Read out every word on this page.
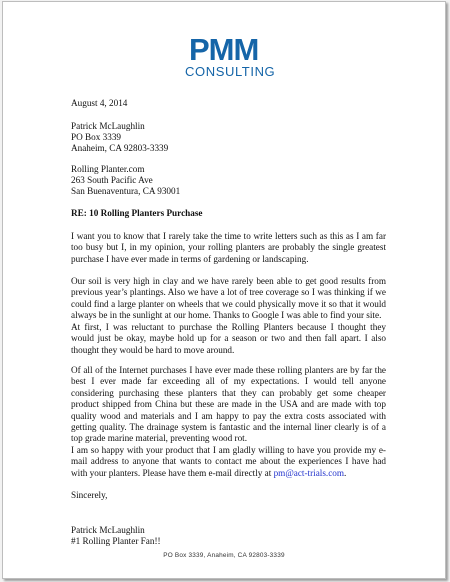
PMM
CONSULTING
August 4, 2014
Patrick McLaughlin
PO Box 3339
Anaheim, CA 92803-3339
Rolling Planter.com
263 South Pacific Ave
San Buenaventura, CA 93001
RE: 10 Rolling Planters Purchase
I want you to know that I rarely take the time to write letters such as this as I am far too busy but I, in my opinion, your rolling planters are probably the single greatest purchase I have ever made in terms of gardening or landscaping.
Our soil is very high in clay and we have rarely been able to get good results from previous year’s plantings. Also we have a lot of tree coverage so I was thinking if we could find a large planter on wheels that we could physically move it so that it would always be in the sunlight at our home. Thanks to Google I was able to find your site.
At first, I was reluctant to purchase the Rolling Planters because I thought they would just be okay, maybe hold up for a season or two and then fall apart. I also thought they would be hard to move around.
Of all of the Internet purchases I have ever made these rolling planters are by far the best I ever made far exceeding all of my expectations. I would tell anyone considering purchasing these planters that they can probably get some cheaper product shipped from China but these are made in the USA and are made with top quality wood and materials and I am happy to pay the extra costs associated with getting quality. The drainage system is fantastic and the internal liner clearly is of a top grade marine material, preventing wood rot.
I am so happy with your product that I am gladly willing to have you provide my e-mail address to anyone that wants to contact me about the experiences I have had with your planters. Please have them e-mail directly at pm@act-trials.com.
Sincerely,
Patrick McLaughlin
#1 Rolling Planter Fan!!
PO Box 3339, Anaheim, CA 92803-3339
